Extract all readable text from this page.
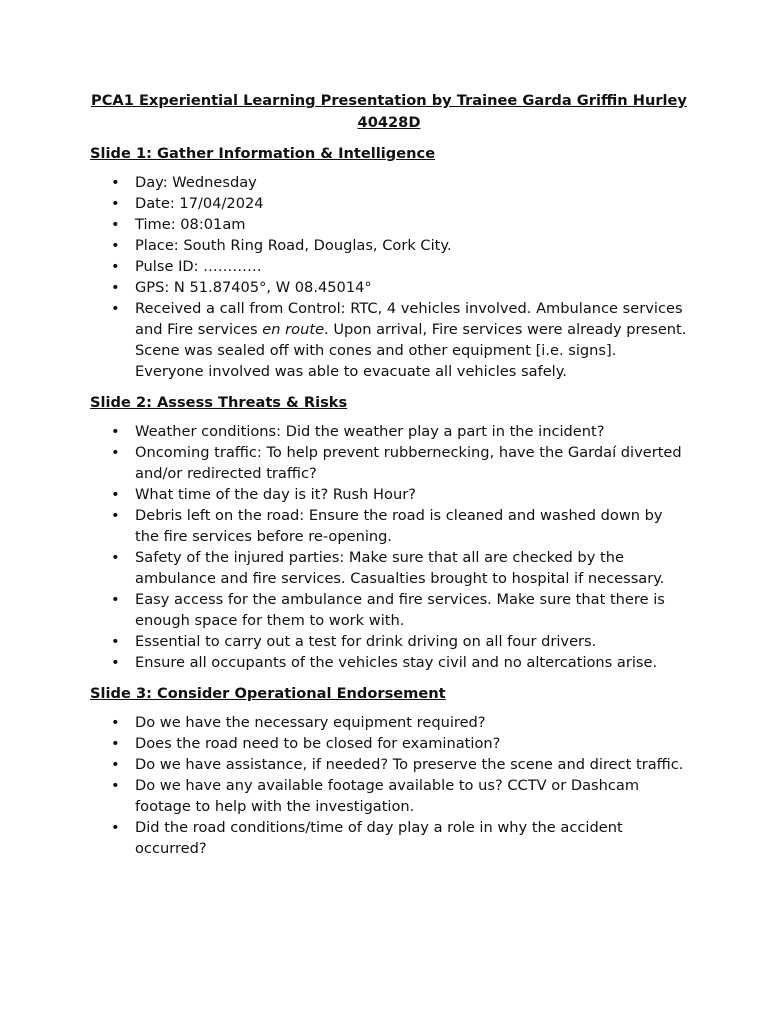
PCA1 Experiential Learning Presentation by Trainee Garda Griffin Hurley 40428D
Slide 1: Gather Information & Intelligence
• Day: Wednesday
• Date: 17/04/2024
• Time: 08:01am
• Place: South Ring Road, Douglas, Cork City.
• Pulse ID: …………
• GPS: N 51.87405°, W 08.45014°
• Received a call from Control: RTC, 4 vehicles involved. Ambulance services and Fire services en route. Upon arrival, Fire services were already present. Scene was sealed off with cones and other equipment [i.e. signs]. Everyone involved was able to evacuate all vehicles safely.
Slide 2: Assess Threats & Risks
• Weather conditions: Did the weather play a part in the incident?
• Oncoming traffic: To help prevent rubbernecking, have the Gardaí diverted and/or redirected traffic?
• What time of the day is it? Rush Hour?
• Debris left on the road: Ensure the road is cleaned and washed down by the fire services before re-opening.
• Safety of the injured parties: Make sure that all are checked by the ambulance and fire services. Casualties brought to hospital if necessary.
• Easy access for the ambulance and fire services. Make sure that there is enough space for them to work with.
• Essential to carry out a test for drink driving on all four drivers.
• Ensure all occupants of the vehicles stay civil and no altercations arise.
Slide 3: Consider Operational Endorsement
• Do we have the necessary equipment required?
• Does the road need to be closed for examination?
• Do we have assistance, if needed? To preserve the scene and direct traffic.
• Do we have any available footage available to us? CCTV or Dashcam footage to help with the investigation.
• Did the road conditions/time of day play a role in why the accident occurred?
